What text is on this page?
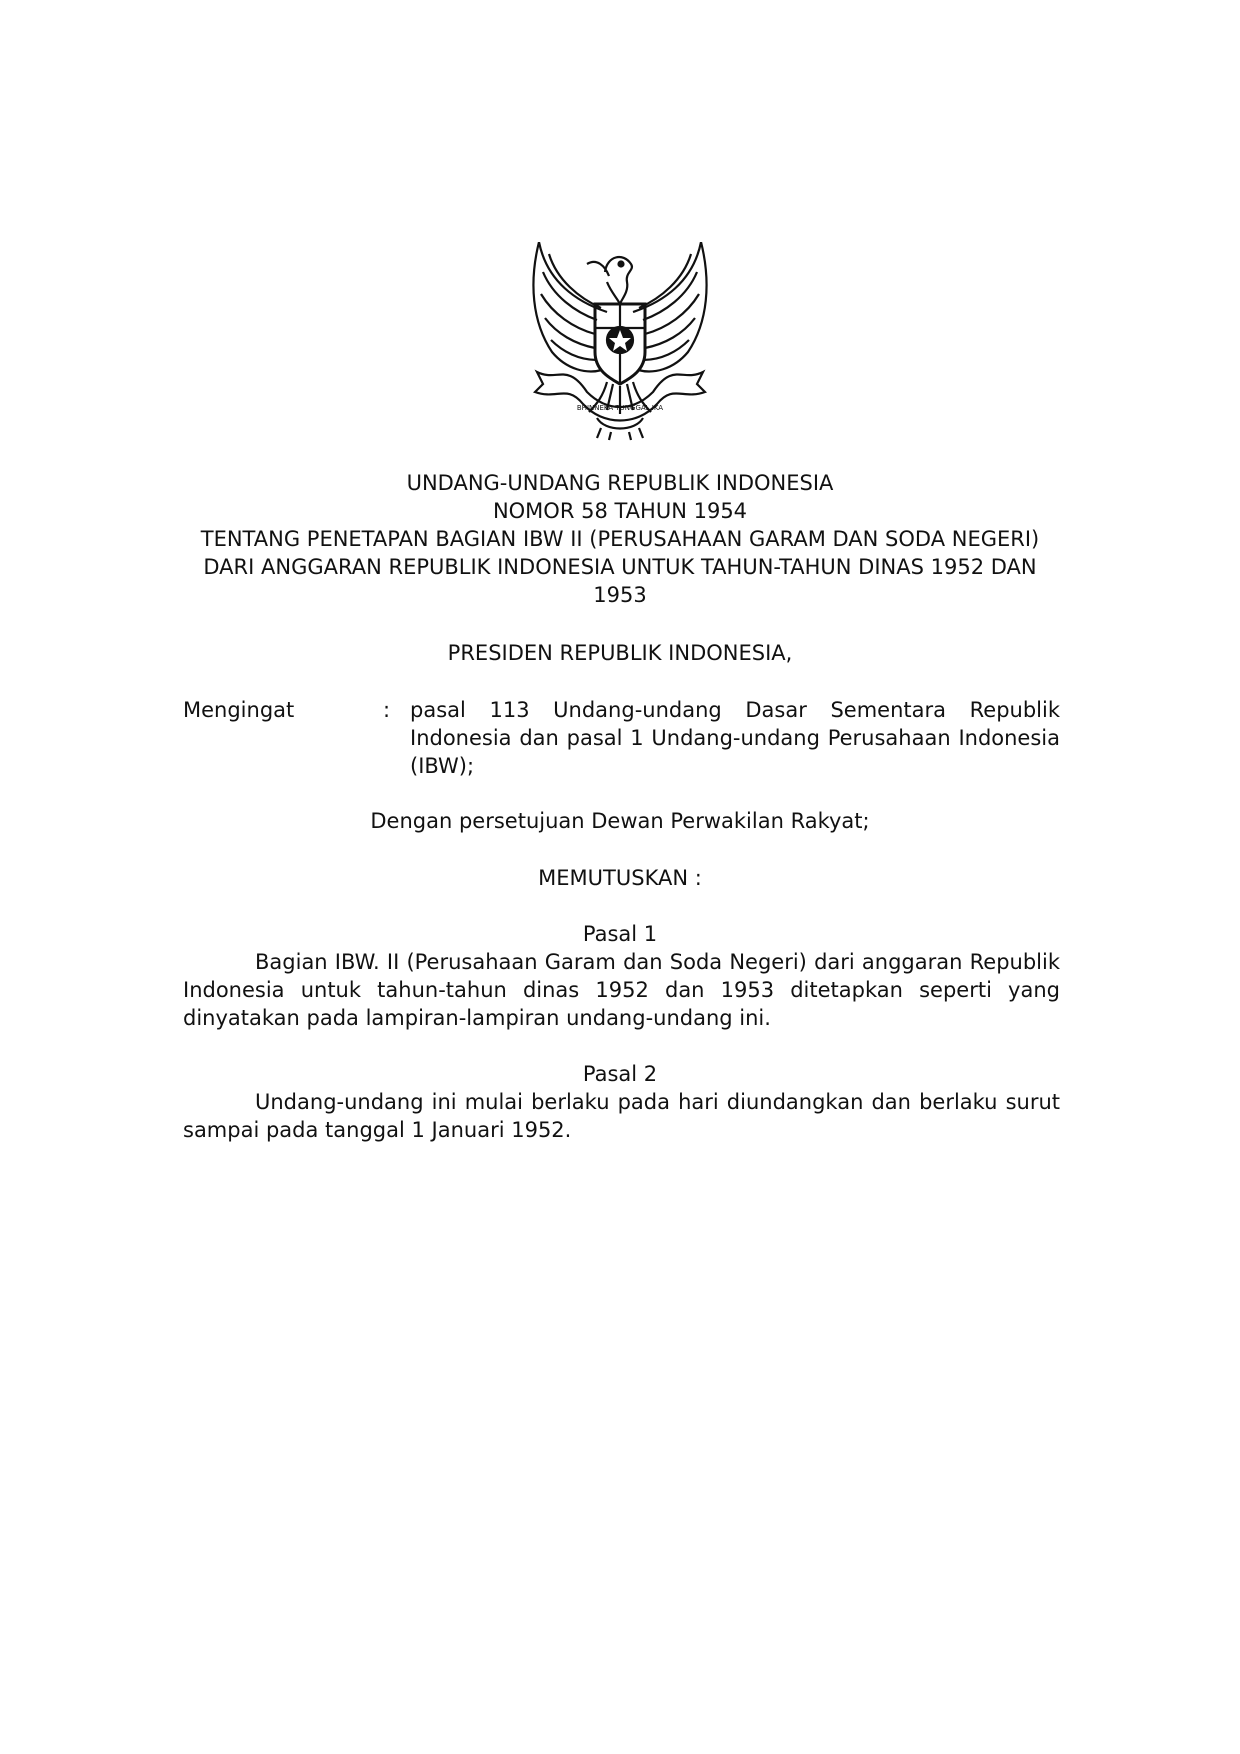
BHINNEKA TUNGGAL IKA
UNDANG-UNDANG REPUBLIK INDONESIA
NOMOR 58 TAHUN 1954
TENTANG PENETAPAN BAGIAN IBW II (PERUSAHAAN GARAM DAN SODA NEGERI)
DARI ANGGARAN REPUBLIK INDONESIA UNTUK TAHUN-TAHUN DINAS 1952 DAN
1953
PRESIDEN REPUBLIK INDONESIA,
Mengingat	: pasal 113 Undang-undang Dasar Sementara Republik Indonesia dan pasal 1 Undang-undang Perusahaan Indonesia (IBW);
Dengan persetujuan Dewan Perwakilan Rakyat;
MEMUTUSKAN :
Pasal 1
Bagian IBW. II (Perusahaan Garam dan Soda Negeri) dari anggaran Republik Indonesia untuk tahun-tahun dinas 1952 dan 1953 ditetapkan seperti yang dinyatakan pada lampiran-lampiran undang-undang ini.
Pasal 2
Undang-undang ini mulai berlaku pada hari diundangkan dan berlaku surut sampai pada tanggal 1 Januari 1952.
